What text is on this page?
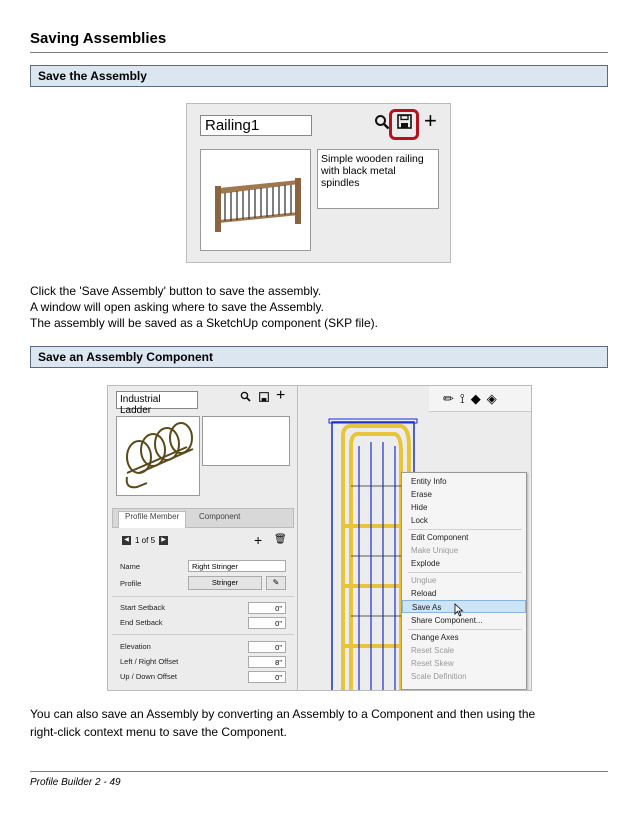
Saving Assemblies
Save the Assembly
Railing1	+
Simple wooden railing
with black metal spindles
Click the 'Save Assembly' button to save the assembly.
A window will open asking where to save the Assembly.
The assembly will be saved as a SketchUp component (SKP file).
Save an Assembly Component
Industrial Ladder
+
Profile Member Component
◀ 1 of 5	▶	+ 🗑
Name	Right Stringer
Profile	Stringer	✎
Start Setback	0"
End Setback	0"
Elevation	0"
Left / Right Offset	8"
Up / Down Offset	0"
✏ ⟟ ◆ ◈
Entity Info
Erase
Hide
Lock
Edit Component
Make Unique
Explode
Unglue
Reload
Save As
Share Component...
Change Axes
Reset Scale
Reset Skew
Scale Definition
You can also save an Assembly by converting an Assembly to a Component and then using the
right-click context menu to save the Component.
Profile Builder 2 - 49
